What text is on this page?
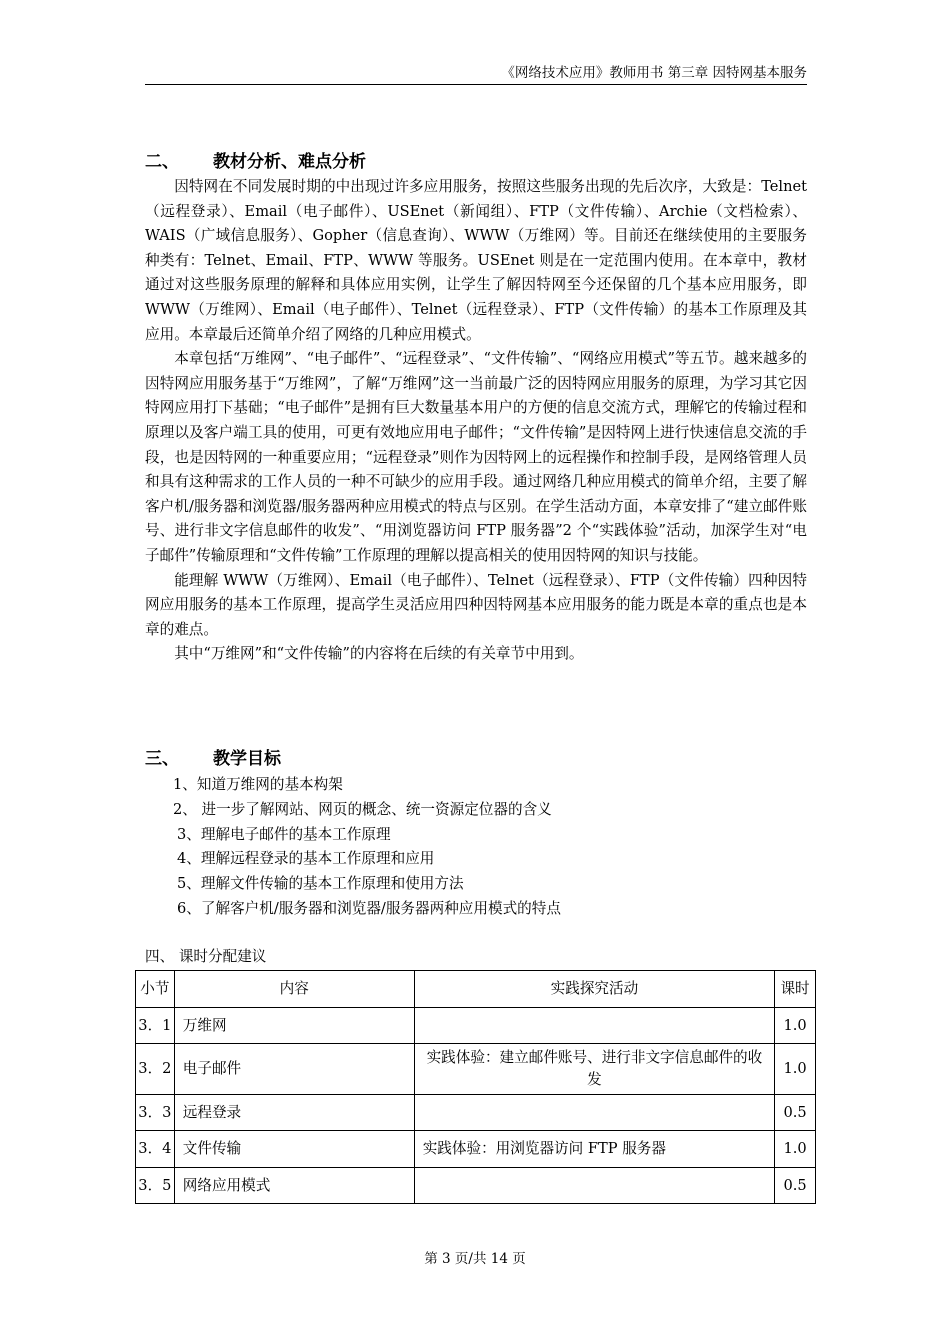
《网络技术应用》教师用书 第三章 因特网基本服务
二、 教材分析、难点分析

因特网在不同发展时期的中出现过许多应用服务，按照这些服务出现的先后次序，大致是：Telnet（远程登录）、Email（电子邮件）、USEnet（新闻组）、FTP（文件传输）、Archie（文档检索）、WAIS（广域信息服务）、Gopher（信息查询）、WWW（万维网）等。目前还在继续使用的主要服务种类有：Telnet、Email、FTP、WWW 等服务。USEnet 则是在一定范围内使用。在本章中，教材通过对这些服务原理的解释和具体应用实例，让学生了解因特网至今还保留的几个基本应用服务，即 WWW（万维网）、Email（电子邮件）、Telnet（远程登录）、FTP（文件传输）的基本工作原理及其应用。本章最后还简单介绍了网络的几种应用模式。

本章包括“万维网”、“电子邮件”、“远程登录”、“文件传输”、“网络应用模式”等五节。越来越多的因特网应用服务基于“万维网”，了解“万维网”这一当前最广泛的因特网应用服务的原理，为学习其它因特网应用打下基础；“电子邮件”是拥有巨大数量基本用户的方便的信息交流方式，理解它的传输过程和原理以及客户端工具的使用，可更有效地应用电子邮件；“文件传输”是因特网上进行快速信息交流的手段，也是因特网的一种重要应用；“远程登录”则作为因特网上的远程操作和控制手段，是网络管理人员和具有这种需求的工作人员的一种不可缺少的应用手段。通过网络几种应用模式的简单介绍，主要了解客户机/服务器和浏览器/服务器两种应用模式的特点与区别。在学生活动方面，本章安排了“建立邮件账号、进行非文字信息邮件的收发”、“用浏览器访问 FTP 服务器”2 个“实践体验”活动，加深学生对“电子邮件”传输原理和“文件传输”工作原理的理解以提高相关的使用因特网的知识与技能。

能理解 WWW（万维网）、Email（电子邮件）、Telnet（远程登录）、FTP（文件传输）四种因特网应用服务的基本工作原理，提高学生灵活应用四种因特网基本应用服务的能力既是本章的重点也是本章的难点。

其中“万维网”和“文件传输”的内容将在后续的有关章节中用到。

三、 教学目标
1、知道万维网的基本构架
2、 进一步了解网站、网页的概念、统一资源定位器的含义
3、理解电子邮件的基本工作原理
4、理解远程登录的基本工作原理和应用
5、理解文件传输的基本工作原理和使用方法
6、了解客户机/服务器和浏览器/服务器两种应用模式的特点
四、 课时分配建议
小节	内容	实践探究活动	课时
3．1	万维网		1.0
3．2	电子邮件	实践体验：建立邮件账号、进行非文字信息邮件的收发	1.0
3．3	远程登录		0.5
3．4	文件传输	实践体验：用浏览器访问 FTP 服务器	1.0
3．5	网络应用模式		0.5
第 3 页/共 14 页
